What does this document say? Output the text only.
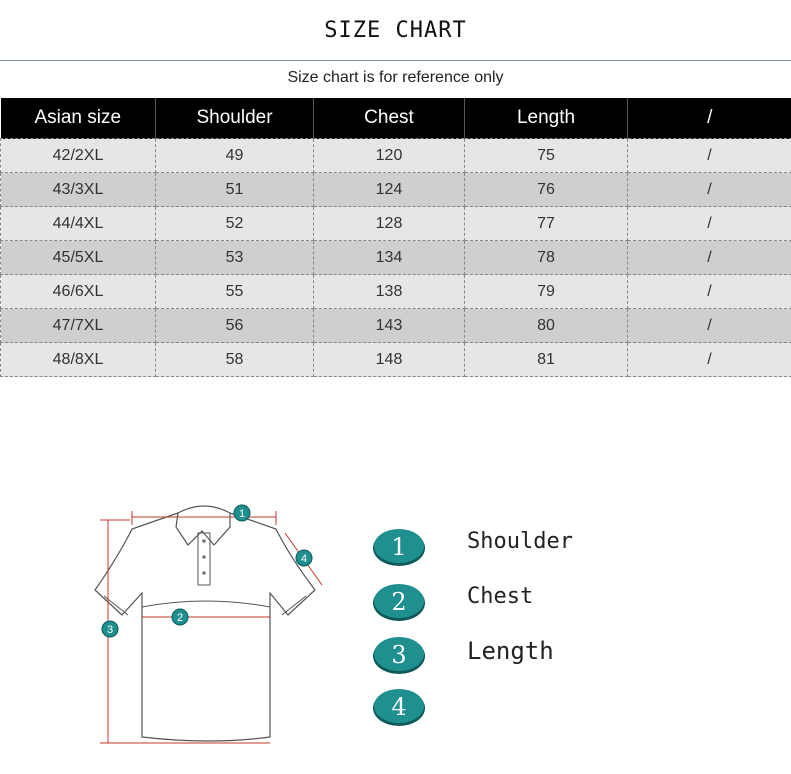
SIZE CHART
Size chart is for reference only
Asian size	Shoulder	Chest	Length	/
42/2XL	49	120	75	/
43/3XL	51	124	76	/
44/4XL	52	128	77	/
45/5XL	53	134	78	/
46/6XL	55	138	79	/
47/7XL	56	143	80	/
48/8XL	58	148	81	/
1
2
3
4	1	Shoulder
2	Chest
3	Length
4
